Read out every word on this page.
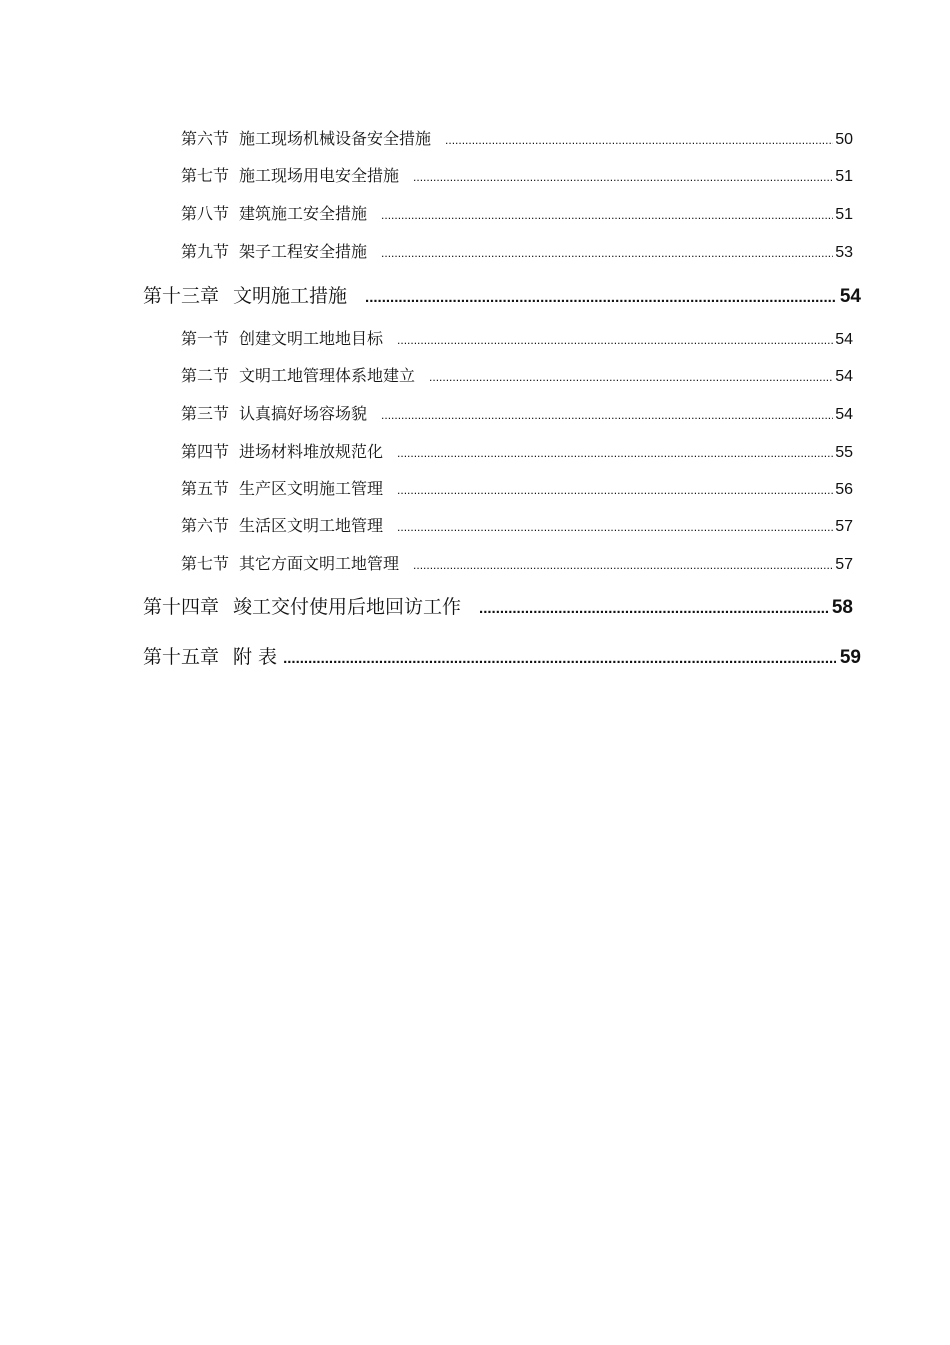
第六节 施工现场机械设备安全措施 .....	50
第七节 施工现场用电安全措施 .....	51
第八节 建筑施工安全措施 .....	51
第九节 架子工程安全措施 .....	53
第十三章 文明施工措施 .....	54
第一节 创建文明工地地目标 .....	54
第二节 文明工地管理体系地建立 .....	54
第三节 认真搞好场容场貌 .....	54
第四节 进场材料堆放规范化 .....	55
第五节 生产区文明施工管理 .....	56
第六节 生活区文明工地管理 .....	57
第七节 其它方面文明工地管理 .....	57
第十四章 竣工交付使用后地回访工作 .....	58
第十五章 附 表 .....	59
